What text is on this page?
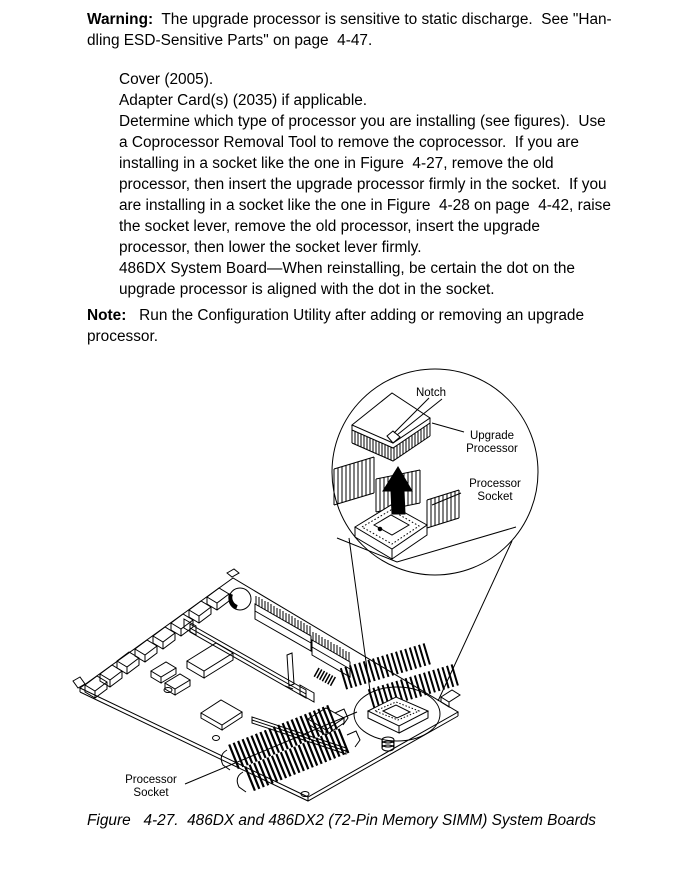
Warning:  The upgrade processor is sensitive to static discharge.  See "Han-
dling ESD-Sensitive Parts" on page  4-47.
Cover (2005).
Adapter Card(s) (2035) if applicable.
Determine which type of processor you are installing (see figures).  Use
a Coprocessor Removal Tool to remove the coprocessor.  If you are
installing in a socket like the one in Figure  4-27, remove the old
processor, then insert the upgrade processor firmly in the socket.  If you
are installing in a socket like the one in Figure  4-28 on page  4-42, raise
the socket lever, remove the old processor, insert the upgrade
processor, then lower the socket lever firmly.
486DX System Board—When reinstalling, be certain the dot on the
upgrade processor is aligned with the dot in the socket.
Note:   Run the Configuration Utility after adding or removing an upgrade
processor.
Notch
Upgrade
Processor
Processor
Socket
Processor
Socket
Figure   4-27.  486DX and 486DX2 (72-Pin Memory SIMM) System Boards
